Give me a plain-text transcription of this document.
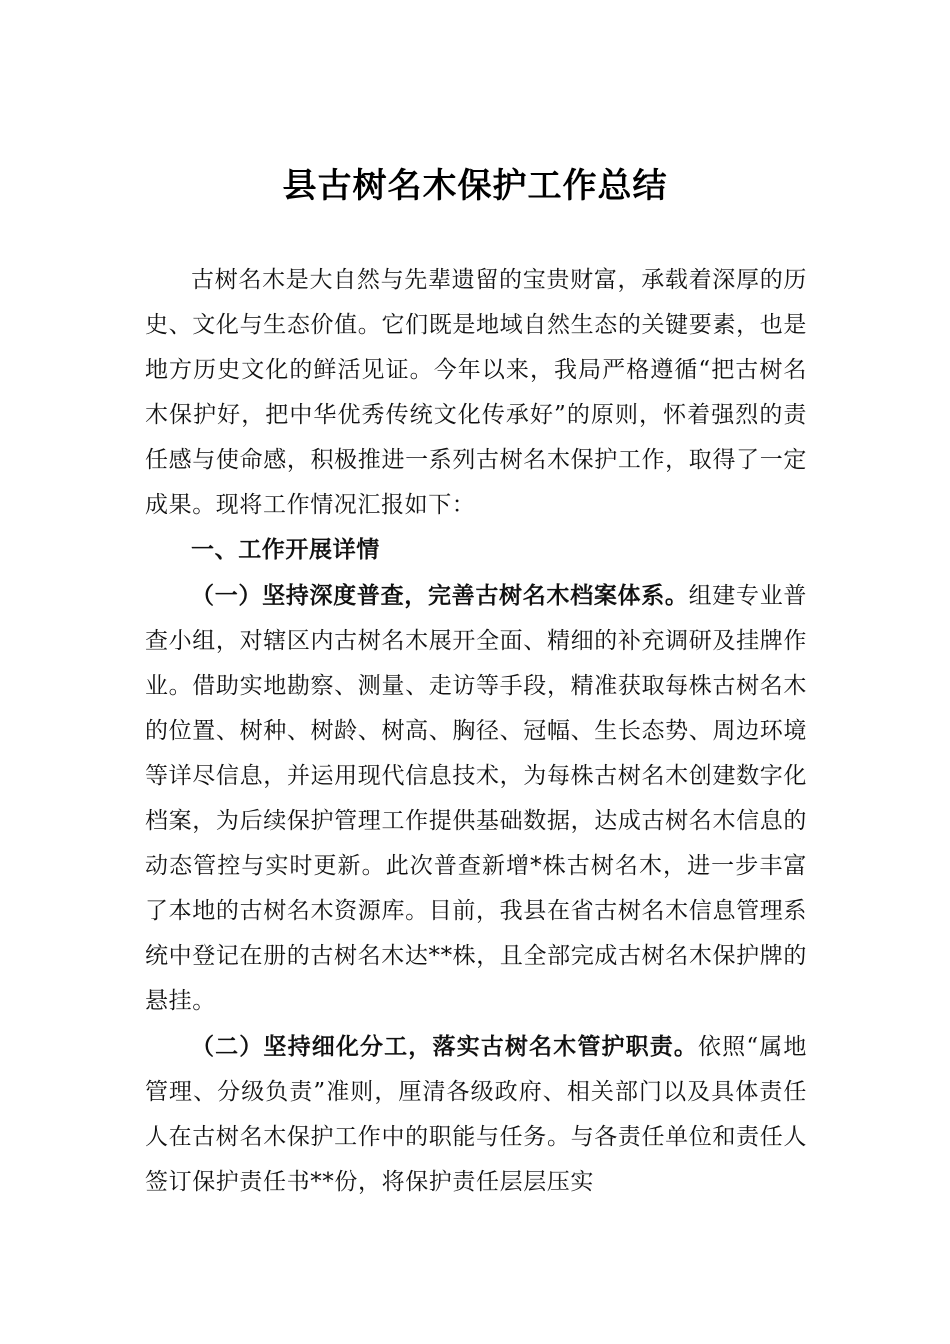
县古树名木保护工作总结

古树名木是大自然与先辈遗留的宝贵财富，承载着深厚的历史、文化与生态价值。它们既是地域自然生态的关键要素，也是地方历史文化的鲜活见证。今年以来，我局严格遵循“把古树名木保护好，把中华优秀传统文化传承好”的原则，怀着强烈的责任感与使命感，积极推进一系列古树名木保护工作，取得了一定成果。现将工作情况汇报如下：

一、工作开展详情

（一）坚持深度普查，完善古树名木档案体系。组建专业普查小组，对辖区内古树名木展开全面、精细的补充调研及挂牌作业。借助实地勘察、测量、走访等手段，精准获取每株古树名木的位置、树种、树龄、树高、胸径、冠幅、生长态势、周边环境等详尽信息，并运用现代信息技术，为每株古树名木创建数字化档案，为后续保护管理工作提供基础数据，达成古树名木信息的动态管控与实时更新。此次普查新增*株古树名木，进一步丰富了本地的古树名木资源库。目前，我县在省古树名木信息管理系统中登记在册的古树名木达**株，且全部完成古树名木保护牌的悬挂。

（二）坚持细化分工，落实古树名木管护职责。依照“属地管理、分级负责”准则，厘清各级政府、相关部门以及具体责任人在古树名木保护工作中的职能与任务。与各责任单位和责任人签订保护责任书**份，将保护责任层层压实
